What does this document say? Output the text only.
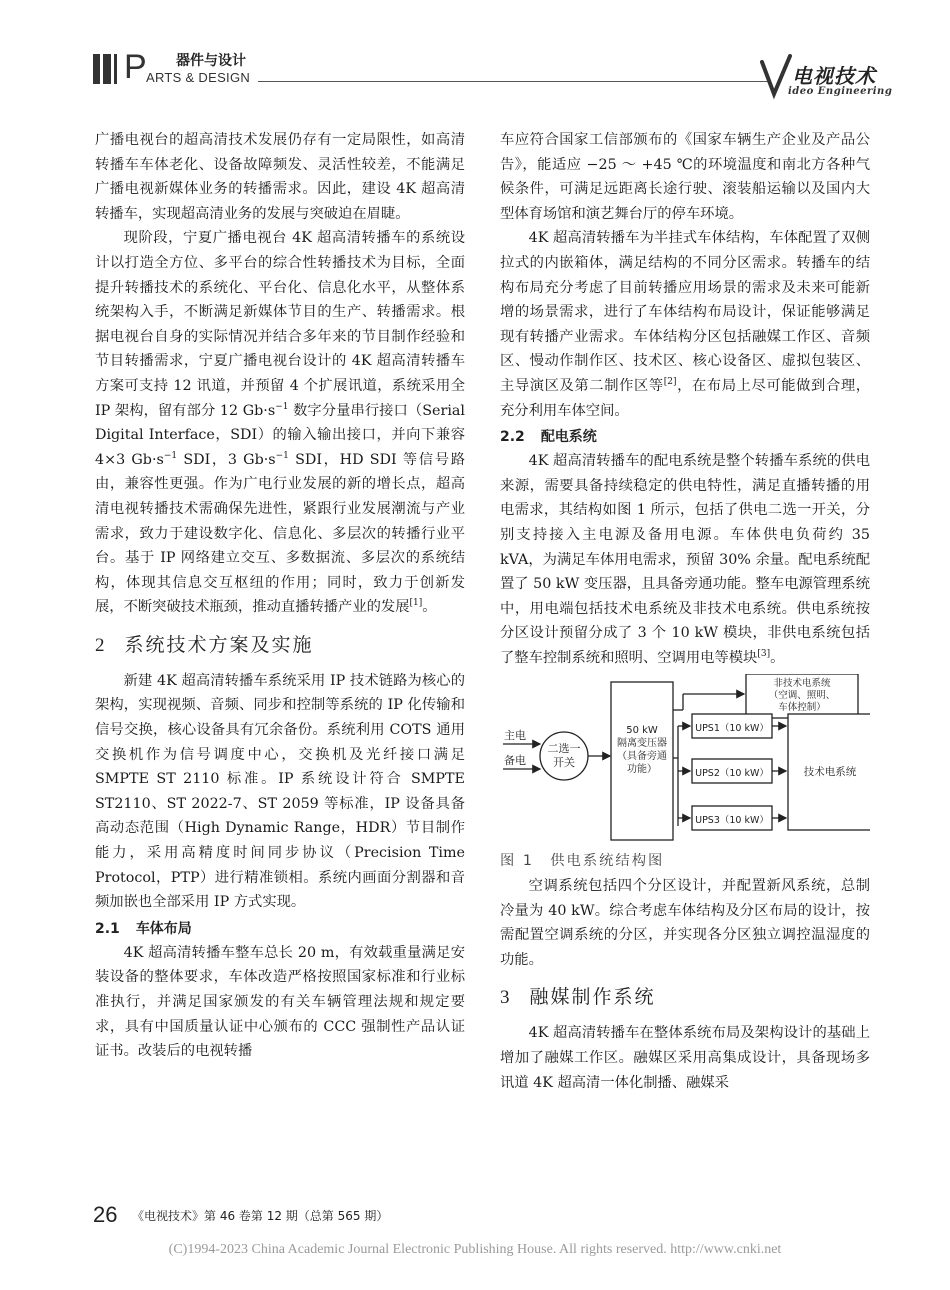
P 器件与设计
ARTS & DESIGN	电视技术
ideo Engineering

广播电视台的超高清技术发展仍存有一定局限性，如高清转播车车体老化、设备故障频发、灵活性较差，不能满足广播电视新媒体业务的转播需求。因此，建设 4K 超高清转播车，实现超高清业务的发展与突破迫在眉睫。

现阶段，宁夏广播电视台 4K 超高清转播车的系统设计以打造全方位、多平台的综合性转播技术为目标，全面提升转播技术的系统化、平台化、信息化水平，从整体系统架构入手，不断满足新媒体节目的生产、转播需求。根据电视台自身的实际情况并结合多年来的节目制作经验和节目转播需求，宁夏广播电视台设计的 4K 超高清转播车方案可支持 12 讯道，并预留 4 个扩展讯道，系统采用全 IP 架构，留有部分 12 $Gb\cdot s^{-1}$ 数字分量串行接口（Serial Digital Interface，SDI）的输入输出接口，并向下兼容 4×3 $Gb\cdot s^{-1}$ SDI，3 $Gb\cdot s^{-1}$ SDI，HD SDI 等信号路由，兼容性更强。作为广电行业发展的新的增长点，超高清电视转播技术需确保先进性，紧跟行业发展潮流与产业需求，致力于建设数字化、信息化、多层次的转播行业平台。基于 IP 网络建立交互、多数据流、多层次的系统结构，体现其信息交互枢纽的作用；同时，致力于创新发展，不断突破技术瓶颈，推动直播转播产业的发展[1]。

2 系统技术方案及实施

新建 4K 超高清转播车系统采用 IP 技术链路为核心的架构，实现视频、音频、同步和控制等系统的 IP 化传输和信号交换，核心设备具有冗余备份。系统利用 COTS 通用交换机作为信号调度中心，交换机及光纤接口满足 SMPTE ST 2110 标准。IP 系统设计符合 SMPTE ST2110、ST 2022-7、ST 2059 等标准，IP 设备具备高动态范围（High Dynamic Range，HDR）节目制作能力，采用高精度时间同步协议（Precision Time Protocol，PTP）进行精准锁相。系统内画面分割器和音频加嵌也全部采用 IP 方式实现。

2.1 车体布局

4K 超高清转播车整车总长 20 m，有效载重量满足安装设备的整体要求，车体改造严格按照国家标准和行业标准执行，并满足国家颁发的有关车辆管理法规和规定要求，具有中国质量认证中心颁布的 CCC 强制性产品认证证书。改装后的电视转播

车应符合国家工信部颁布的《国家车辆生产企业及产品公告》，能适应 −25 ～ +45 ℃的环境温度和南北方各种气候条件，可满足远距离长途行驶、滚装船运输以及国内大型体育场馆和演艺舞台厅的停车环境。

4K 超高清转播车为半挂式车体结构，车体配置了双侧拉式的内嵌箱体，满足结构的不同分区需求。转播车的结构布局充分考虑了目前转播应用场景的需求及未来可能新增的场景需求，进行了车体结构布局设计，保证能够满足现有转播产业需求。车体结构分区包括融媒工作区、音频区、慢动作制作区、技术区、核心设备区、虚拟包装区、主导演区及第二制作区等[2]，在布局上尽可能做到合理，充分利用车体空间。

2.2 配电系统

4K 超高清转播车的配电系统是整个转播车系统的供电来源，需要具备持续稳定的供电特性，满足直播转播的用电需求，其结构如图 1 所示，包括了供电二选一开关，分别支持接入主电源及备用电源。车体供电负荷约 35 kVA，为满足车体用电需求，预留 30% 余量。配电系统配置了 50 kW 变压器，且具备旁通功能。整车电源管理系统中，用电端包括技术电系统及非技术电系统。供电系统按分区设计预留分成了 3 个 10 kW 模块，非供电系统包括了整车控制系统和照明、空调用电等模块[3]。

主电
备电
二选一
开关
50 kW
隔离变压器
（具备旁通
功能）
非技术电系统
（空调、照明、
车体控制）
UPS1（10 kW）
UPS2（10 kW）
UPS3（10 kW）
技术电系统

图 1　供电系统结构图

空调系统包括四个分区设计，并配置新风系统，总制冷量为 40 kW。综合考虑车体结构及分区布局的设计，按需配置空调系统的分区，并实现各分区独立调控温湿度的功能。

3 融媒制作系统

4K 超高清转播车在整体系统布局及架构设计的基础上增加了融媒工作区。融媒区采用高集成设计，具备现场多讯道 4K 超高清一体化制播、融媒采

26 《电视技术》第 46 卷第 12 期（总第 565 期）
(C)1994-2023 China Academic Journal Electronic Publishing House. All rights reserved. http://www.cnki.net
